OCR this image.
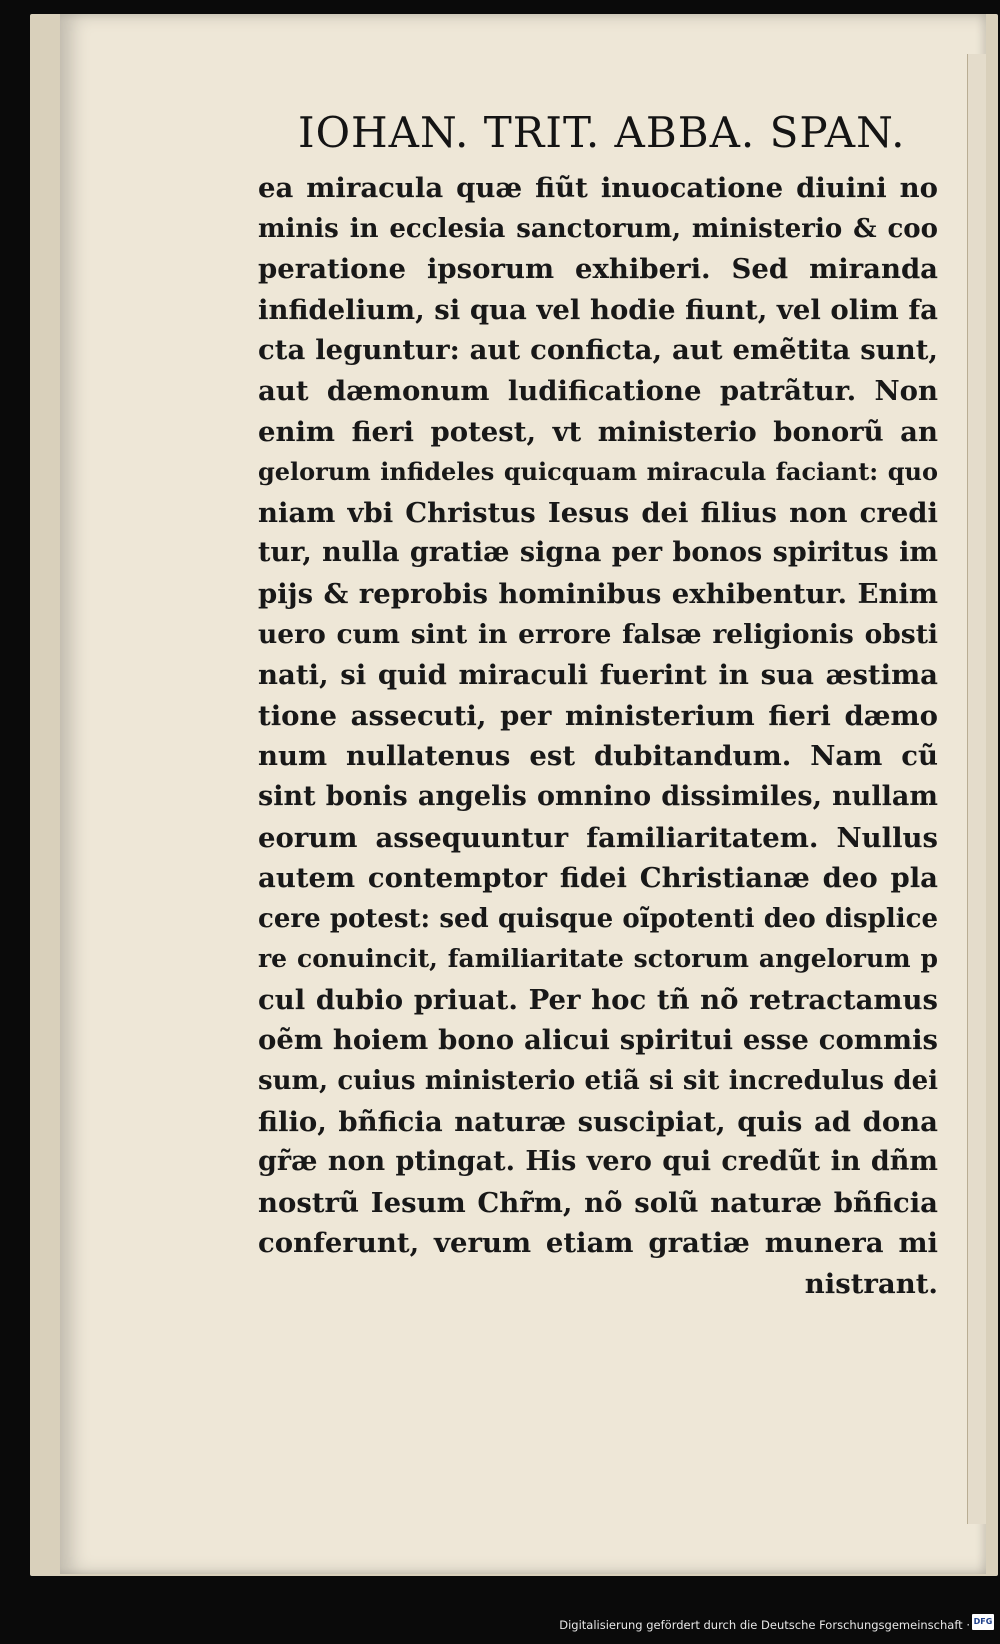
IOHAN. TRIT. ABBA. SPAN.
ea miracula quæ fiũt inuocatione diuini no
minis in ecclesia sanctorum, ministerio & coo
peratione ipsorum exhiberi. Sed miranda
infidelium, si qua vel hodie fiunt, vel olim fa
cta leguntur: aut conficta, aut emẽtita sunt,
aut dæmonum ludificatione patrãtur. Non
enim fieri potest, vt ministerio bonorũ an
gelorum infideles quicquam miracula faciant: quo
niam vbi Christus Iesus dei filius non credi
tur, nulla gratiæ signa per bonos spiritus im
pijs & reprobis hominibus exhibentur. Enim
uero cum sint in errore falsæ religionis obsti
nati, si quid miraculi fuerint in sua æstima
tione assecuti, per ministerium fieri dæmo
num nullatenus est dubitandum. Nam cũ
sint bonis angelis omnino dissimiles, nullam
eorum assequuntur familiaritatem. Nullus
autem contemptor fidei Christianæ deo pla
cere potest: sed quisque oĩpotenti deo displice
re conuincit, familiaritate sctorum angelorum p
cul dubio priuat. Per hoc tñ nõ retractamus
oẽm hoiem bono alicui spiritui esse commis
sum, cuius ministerio etiã si sit incredulus dei
filio, bñficia naturæ suscipiat, quis ad dona
gr̃æ non ptingat. His vero qui credũt in dñm
nostrũ Iesum Chr̃m, nõ solũ naturæ bñficia
conferunt, verum etiam gratiæ munera mi
nistrant.
Digitalisierung gefördert durch die Deutsche Forschungsgemeinschaft · DFG
